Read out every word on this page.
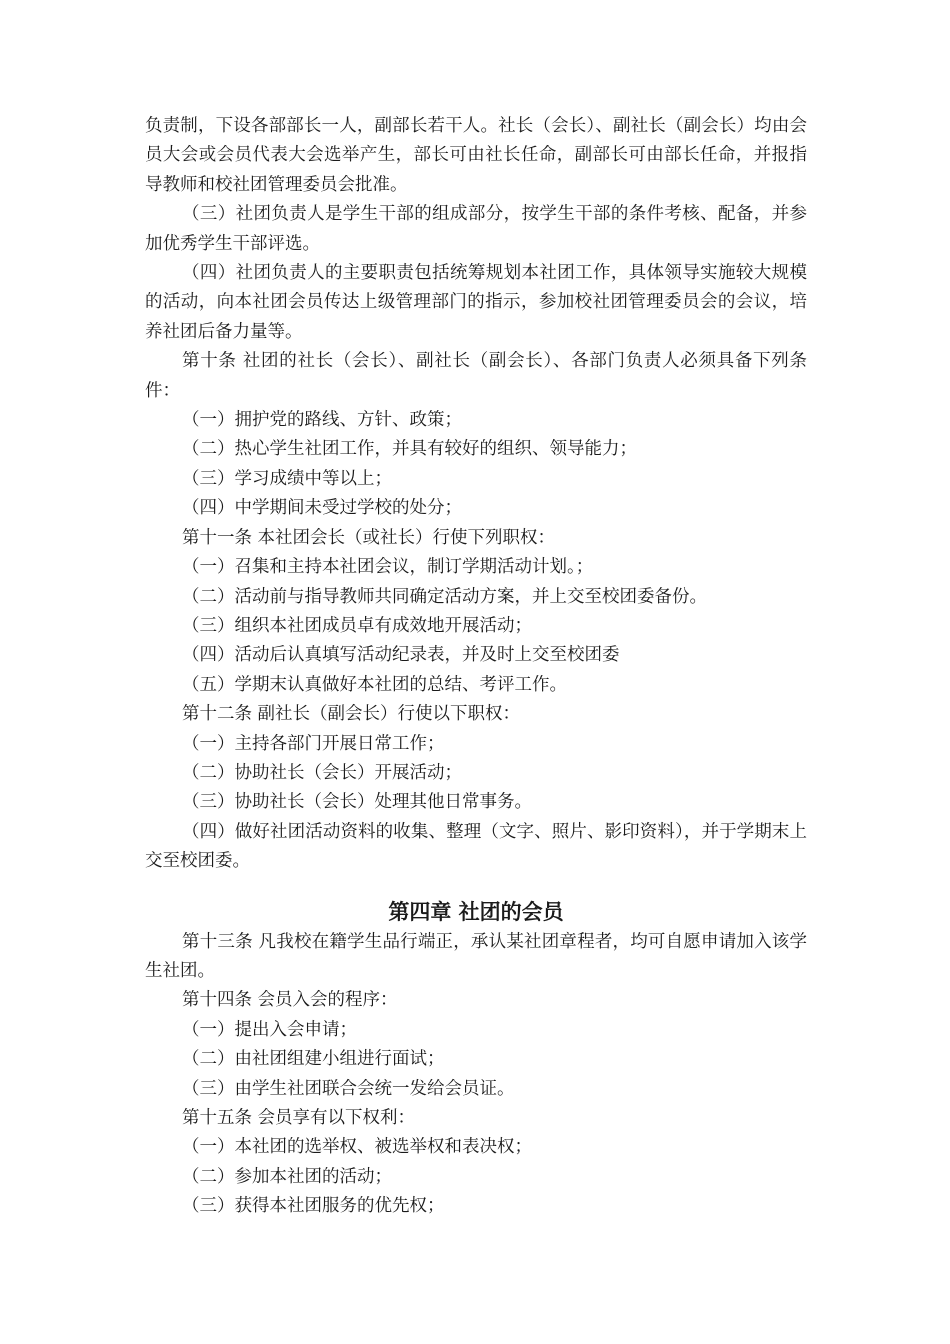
负责制，下设各部部长一人，副部长若干人。社长（会长）、副社长（副会长）均由会员大会或会员代表大会选举产生，部长可由社长任命，副部长可由部长任命，并报指导教师和校社团管理委员会批准。

（三）社团负责人是学生干部的组成部分，按学生干部的条件考核、配备，并参加优秀学生干部评选。

（四）社团负责人的主要职责包括统筹规划本社团工作，具体领导实施较大规模的活动，向本社团会员传达上级管理部门的指示，参加校社团管理委员会的会议，培养社团后备力量等。

第十条 社团的社长（会长）、副社长（副会长）、各部门负责人必须具备下列条件：

（一）拥护党的路线、方针、政策；

（二）热心学生社团工作，并具有较好的组织、领导能力；

（三）学习成绩中等以上；

（四）中学期间未受过学校的处分；

第十一条 本社团会长（或社长）行使下列职权：

（一）召集和主持本社团会议，制订学期活动计划。；

（二）活动前与指导教师共同确定活动方案，并上交至校团委备份。

（三）组织本社团成员卓有成效地开展活动；

（四）活动后认真填写活动纪录表，并及时上交至校团委

（五）学期末认真做好本社团的总结、考评工作。

第十二条 副社长（副会长）行使以下职权：

（一）主持各部门开展日常工作；

（二）协助社长（会长）开展活动；

（三）协助社长（会长）处理其他日常事务。

（四）做好社团活动资料的收集、整理（文字、照片、影印资料），并于学期末上交至校团委。

第四章 社团的会员

第十三条 凡我校在籍学生品行端正，承认某社团章程者，均可自愿申请加入该学生社团。

第十四条 会员入会的程序：

（一）提出入会申请；

（二）由社团组建小组进行面试；

（三）由学生社团联合会统一发给会员证。

第十五条 会员享有以下权利：

（一）本社团的选举权、被选举权和表决权；

（二）参加本社团的活动；

（三）获得本社团服务的优先权；
